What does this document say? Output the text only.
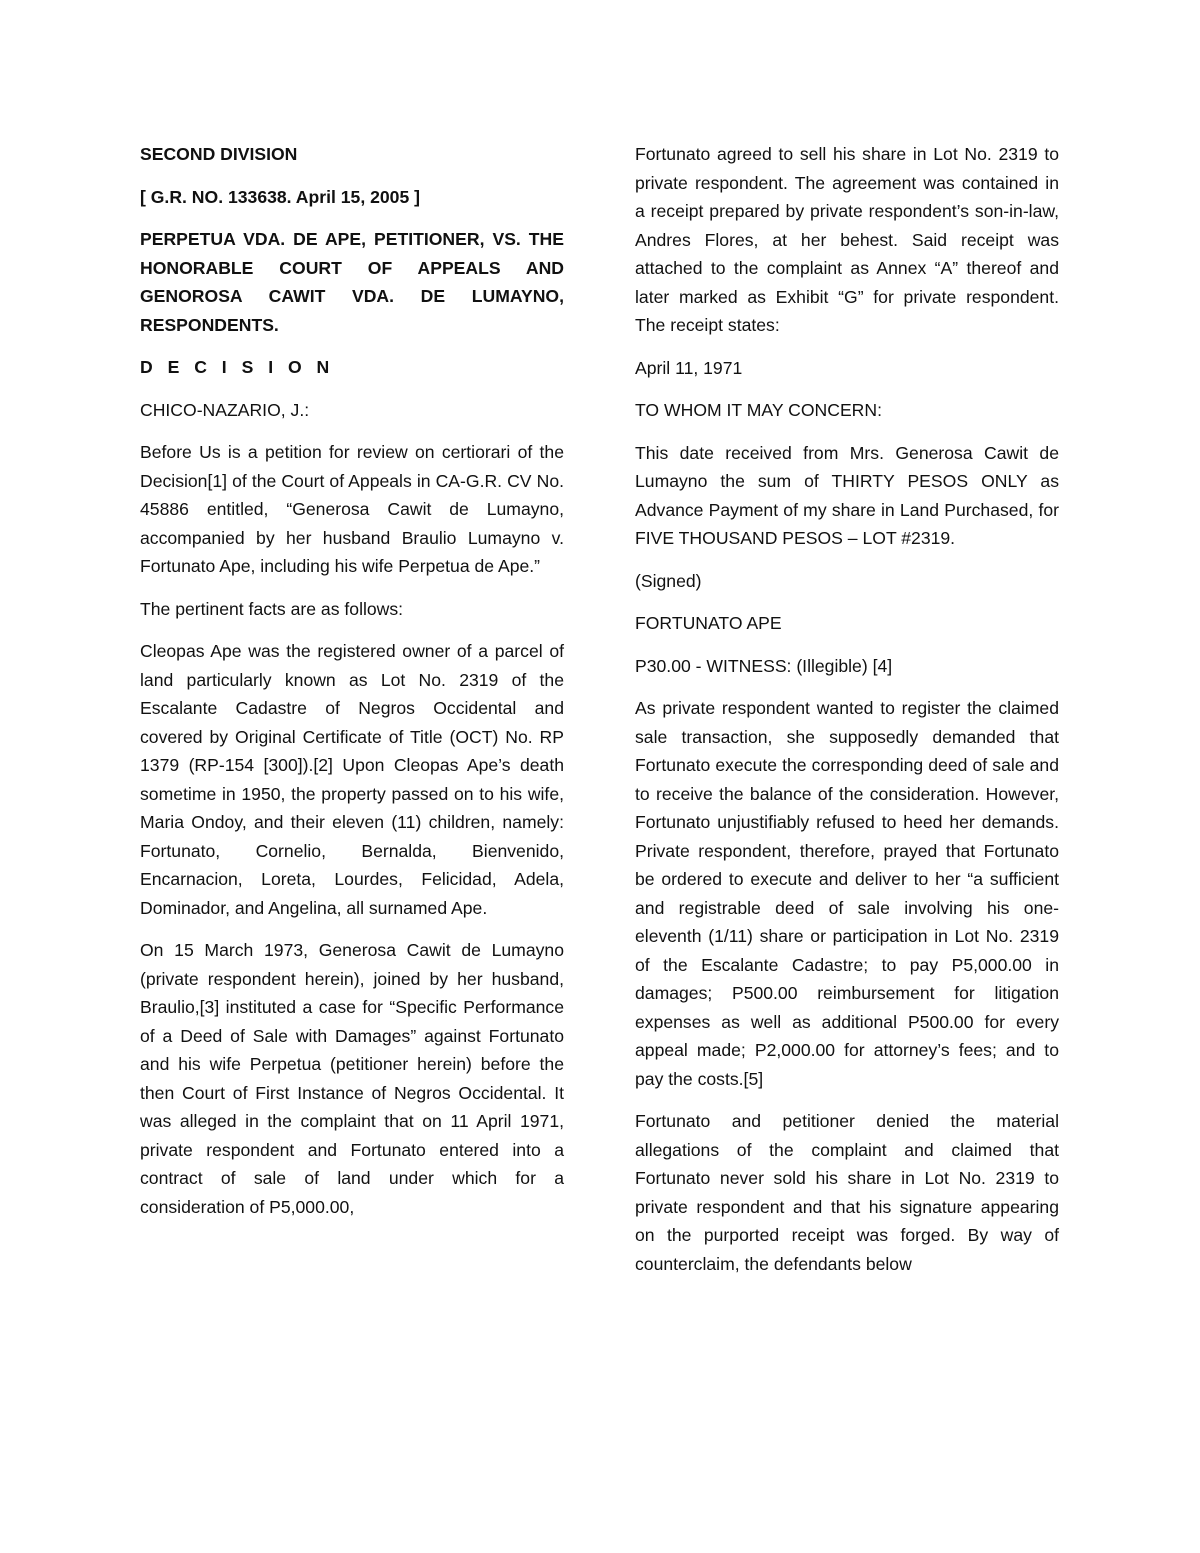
SECOND DIVISION

[ G.R. NO. 133638. April 15, 2005 ]

PERPETUA VDA. DE APE, PETITIONER, VS. THE HONORABLE COURT OF APPEALS AND GENOROSA CAWIT VDA. DE LUMAYNO, RESPONDENTS.

D E C I S I O N

CHICO-NAZARIO, J.:

Before Us is a petition for review on certiorari of the Decision[1] of the Court of Appeals in CA-G.R. CV No. 45886 entitled, “Generosa Cawit de Lumayno, accompanied by her husband Braulio Lumayno v. Fortunato Ape, including his wife Perpetua de Ape.”

The pertinent facts are as follows:

Cleopas Ape was the registered owner of a parcel of land particularly known as Lot No. 2319 of the Escalante Cadastre of Negros Occidental and covered by Original Certificate of Title (OCT) No. RP 1379 (RP-154 [300]).[2] Upon Cleopas Ape’s death sometime in 1950, the property passed on to his wife, Maria Ondoy, and their eleven (11) children, namely: Fortunato, Cornelio, Bernalda, Bienvenido, Encarnacion, Loreta, Lourdes, Felicidad, Adela, Dominador, and Angelina, all surnamed Ape.

On 15 March 1973, Generosa Cawit de Lumayno (private respondent herein), joined by her husband, Braulio,[3] instituted a case for “Specific Performance of a Deed of Sale with Damages” against Fortunato and his wife Perpetua (petitioner herein) before the then Court of First Instance of Negros Occidental. It was alleged in the complaint that on 11 April 1971, private respondent and Fortunato entered into a contract of sale of land under which for a consideration of P5,000.00,

Fortunato agreed to sell his share in Lot No. 2319 to private respondent. The agreement was contained in a receipt prepared by private respondent’s son-in-law, Andres Flores, at her behest. Said receipt was attached to the complaint as Annex “A” thereof and later marked as Exhibit “G” for private respondent. The receipt states:

April 11, 1971

TO WHOM IT MAY CONCERN:

This date received from Mrs. Generosa Cawit de Lumayno the sum of THIRTY PESOS ONLY as Advance Payment of my share in Land Purchased, for FIVE THOUSAND PESOS – LOT #2319.

(Signed)

FORTUNATO APE

P30.00 - WITNESS: (Illegible) [4]

As private respondent wanted to register the claimed sale transaction, she supposedly demanded that Fortunato execute the corresponding deed of sale and to receive the balance of the consideration. However, Fortunato unjustifiably refused to heed her demands. Private respondent, therefore, prayed that Fortunato be ordered to execute and deliver to her “a sufficient and registrable deed of sale involving his one-eleventh (1/11) share or participation in Lot No. 2319 of the Escalante Cadastre; to pay P5,000.00 in damages; P500.00 reimbursement for litigation expenses as well as additional P500.00 for every appeal made; P2,000.00 for attorney’s fees; and to pay the costs.[5]

Fortunato and petitioner denied the material allegations of the complaint and claimed that Fortunato never sold his share in Lot No. 2319 to private respondent and that his signature appearing on the purported receipt was forged. By way of counterclaim, the defendants below
